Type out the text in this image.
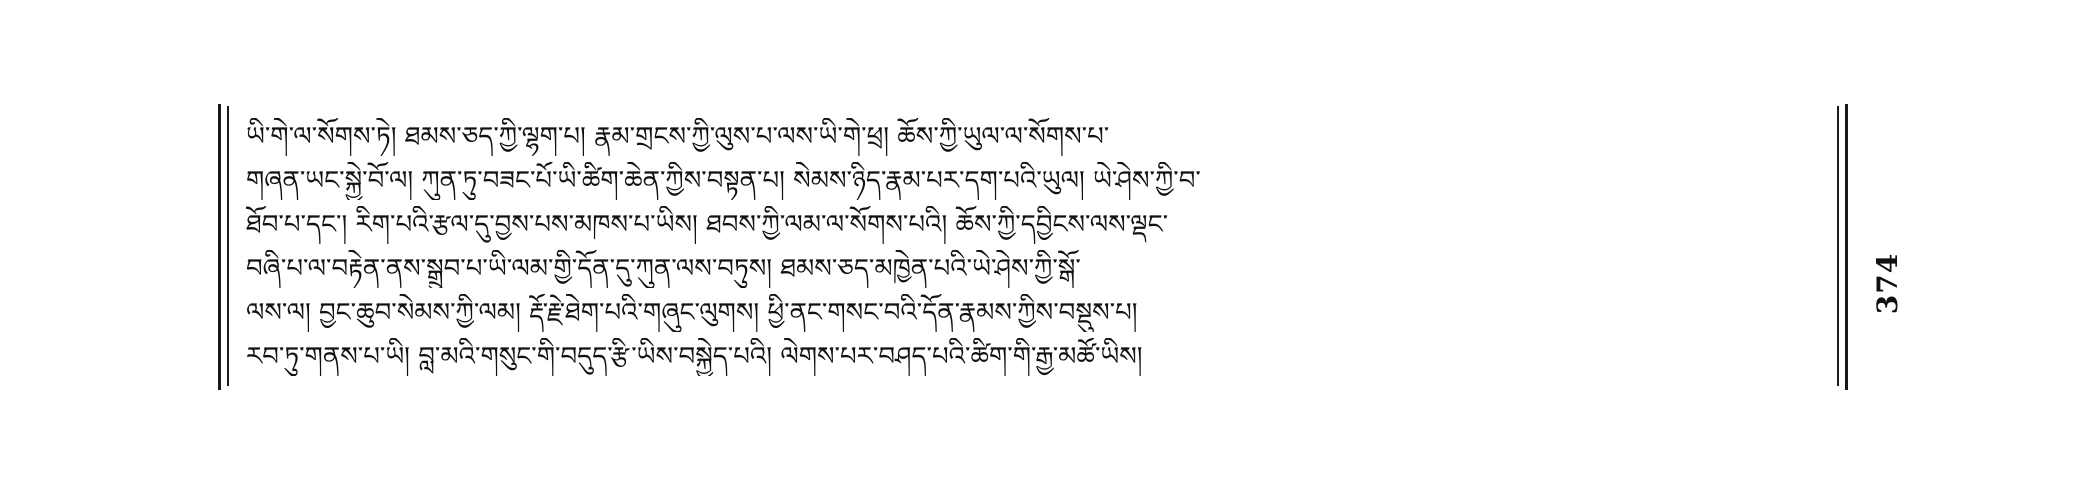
ཡི་གེ་ལ་སོགས་ཏེ། ཐམས་ཅད་ཀྱི་ལྷག་པ། རྣམ་གྲངས་ཀྱི་ལུས་པ་ལས་ཡི་གེ་ཕྲ། ཆོས་ཀྱི་ཡུལ་ལ་སོགས་པ་
གཞན་ཡང་སྐྱེ་བོ་ལ། ཀུན་ཏུ་བཟང་པོ་ཡི་ཚིག་ཆེན་ཀྱིས་བསྟན་པ། སེམས་ཉིད་རྣམ་པར་དག་པའི་ཡུལ། ཡེ་ཤེས་ཀྱི་བ་
ཐོབ་པ་དང་། རིག་པའི་རྩལ་དུ་བྱས་པས་མཁས་པ་ཡིས། ཐབས་ཀྱི་ལམ་ལ་སོགས་པའི། ཆོས་ཀྱི་དབྱིངས་ལས་ལྡང་
བཞི་པ་ལ་བརྟེན་ནས་སྒྲུབ་པ་ཡི་ལམ་གྱི་དོན་དུ་ཀུན་ལས་བཏུས། ཐམས་ཅད་མཁྱེན་པའི་ཡེ་ཤེས་ཀྱི་སྒོ་
ལས་ལ། བྱང་ཆུབ་སེམས་ཀྱི་ལམ། རྡོ་རྗེ་ཐེག་པའི་གཞུང་ལུགས། ཕྱི་ནང་གསང་བའི་དོན་རྣམས་ཀྱིས་བསྡུས་པ།
རབ་ཏུ་གནས་པ་ཡི། བླ་མའི་གསུང་གི་བདུད་རྩི་ཡིས་བསྐྱེད་པའི། ལེགས་པར་བཤད་པའི་ཚིག་གི་རྒྱ་མཚོ་ཡིས།
374
